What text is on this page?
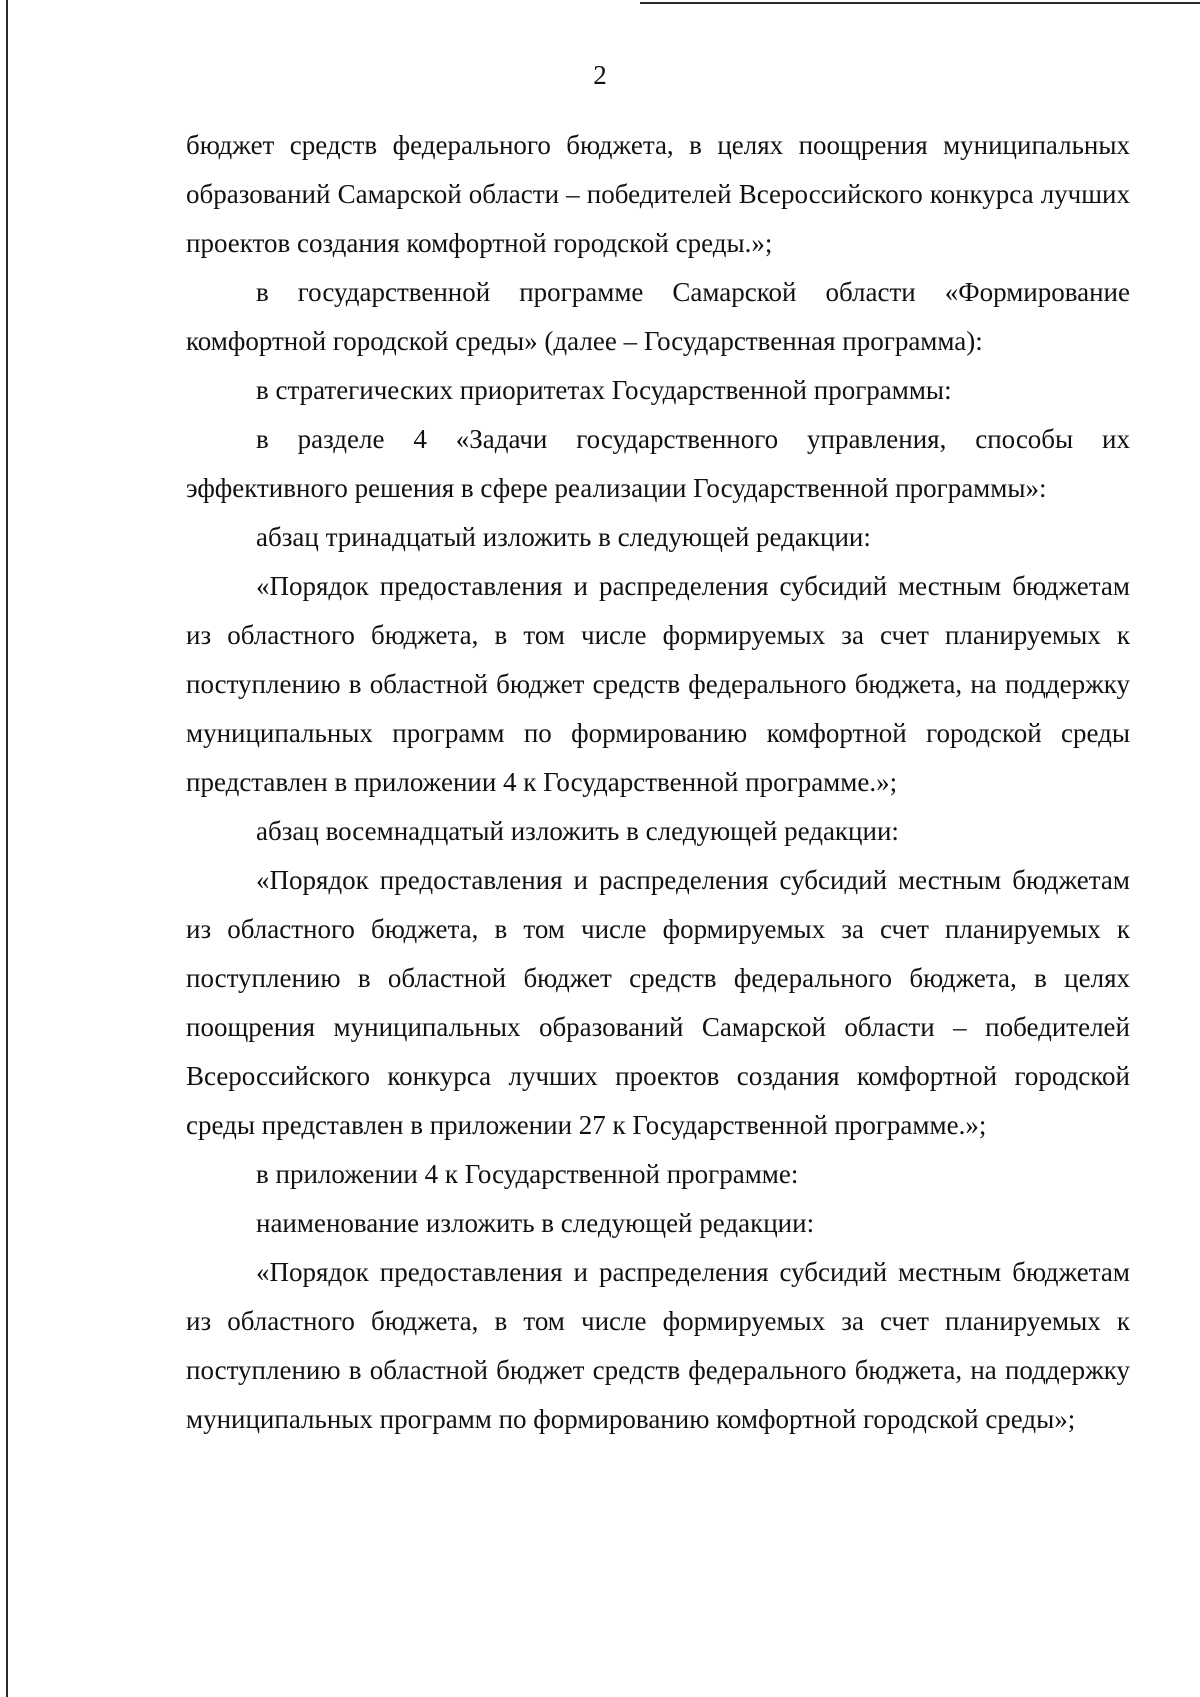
2

бюджет средств федерального бюджета, в целях поощрения муниципальных образований Самарской области – победителей Всероссийского конкурса лучших проектов создания комфортной городской среды.»;

в государственной программе Самарской области «Формирование комфортной городской среды» (далее – Государственная программа):

в стратегических приоритетах Государственной программы:

в разделе 4 «Задачи государственного управления, способы их эффективного решения в сфере реализации Государственной программы»:

абзац тринадцатый изложить в следующей редакции:

«Порядок предоставления и распределения субсидий местным бюджетам из областного бюджета, в том числе формируемых за счет планируемых к поступлению в областной бюджет средств федерального бюджета, на поддержку муниципальных программ по формированию комфортной городской среды представлен в приложении 4 к Государственной программе.»;

абзац восемнадцатый изложить в следующей редакции:

«Порядок предоставления и распределения субсидий местным бюджетам из областного бюджета, в том числе формируемых за счет планируемых к поступлению в областной бюджет средств федерального бюджета, в целях поощрения муниципальных образований Самарской области – победителей Всероссийского конкурса лучших проектов создания комфортной городской среды представлен в приложении 27 к Государственной программе.»;

в приложении 4 к Государственной программе:

наименование изложить в следующей редакции:

«Порядок предоставления и распределения субсидий местным бюджетам из областного бюджета, в том числе формируемых за счет планируемых к поступлению в областной бюджет средств федерального бюджета, на поддержку муниципальных программ по формированию комфортной городской среды»;
